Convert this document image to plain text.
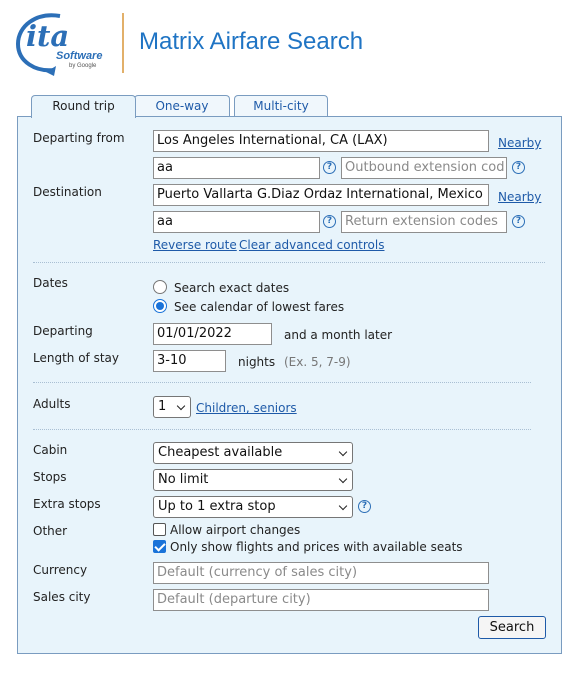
ita
Software
by Google
Matrix Airfare Search
Round trip	One-way	Multi-city
Departing from	Los Angeles International, CA (LAX)	Nearby
aa	? Outbound extension cod	?
Destination	Puerto Vallarta G.Diaz Ordaz International, Mexico	Nearby
aa	? Return extension codes	?
Reverse route Clear advanced controls
Dates	Search exact dates
See calendar of lowest fares
Departing	01/01/2022	and a month later
Length of stay	3-10	nights (Ex. 5, 7-9)
Adults	1	Children, seniors
Cabin	Cheapest available
Stops	No limit
Extra stops	Up to 1 extra stop	?
Other	Allow airport changes
Only show flights and prices with available seats
Currency	Default (currency of sales city)
Sales city	Default (departure city)
Search
